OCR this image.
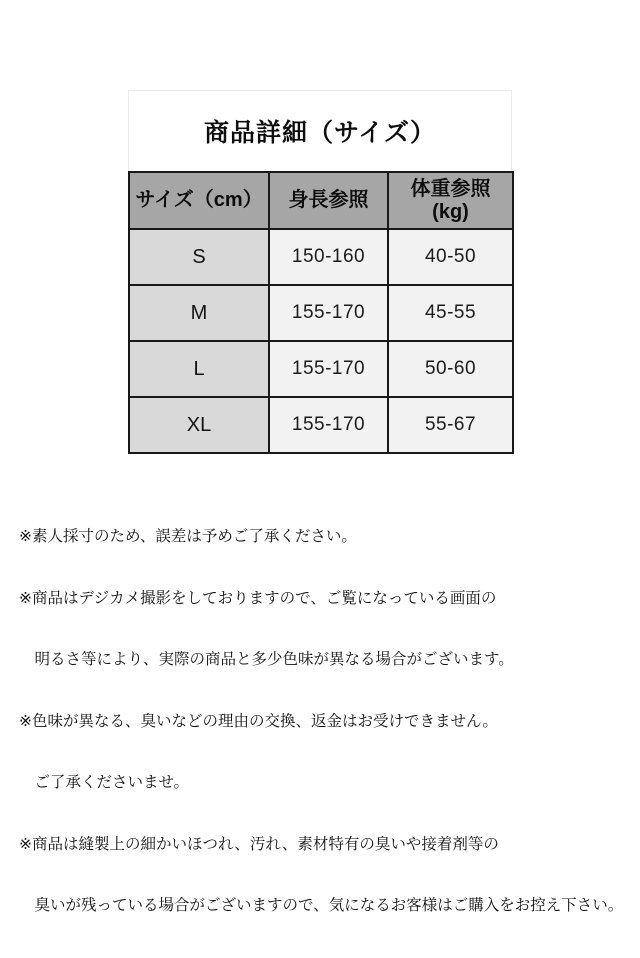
商品詳細（サイズ）
サイズ（cm）	身長参照	体重参照
(kg)
S	150-160	40-50
M	155-170	45-55
L	155-170	50-60
XL	155-170	55-67

※素人採寸のため、誤差は予めご了承ください。

※商品はデジカメ撮影をしておりますので、ご覧になっている画面の

　明るさ等により、実際の商品と多少色味が異なる場合がございます。

※色味が異なる、臭いなどの理由の交換、返金はお受けできません。

　ご了承くださいませ。

※商品は縫製上の細かいほつれ、汚れ、素材特有の臭いや接着剤等の

　臭いが残っている場合がございますので、気になるお客様はご購入をお控え下さい。
